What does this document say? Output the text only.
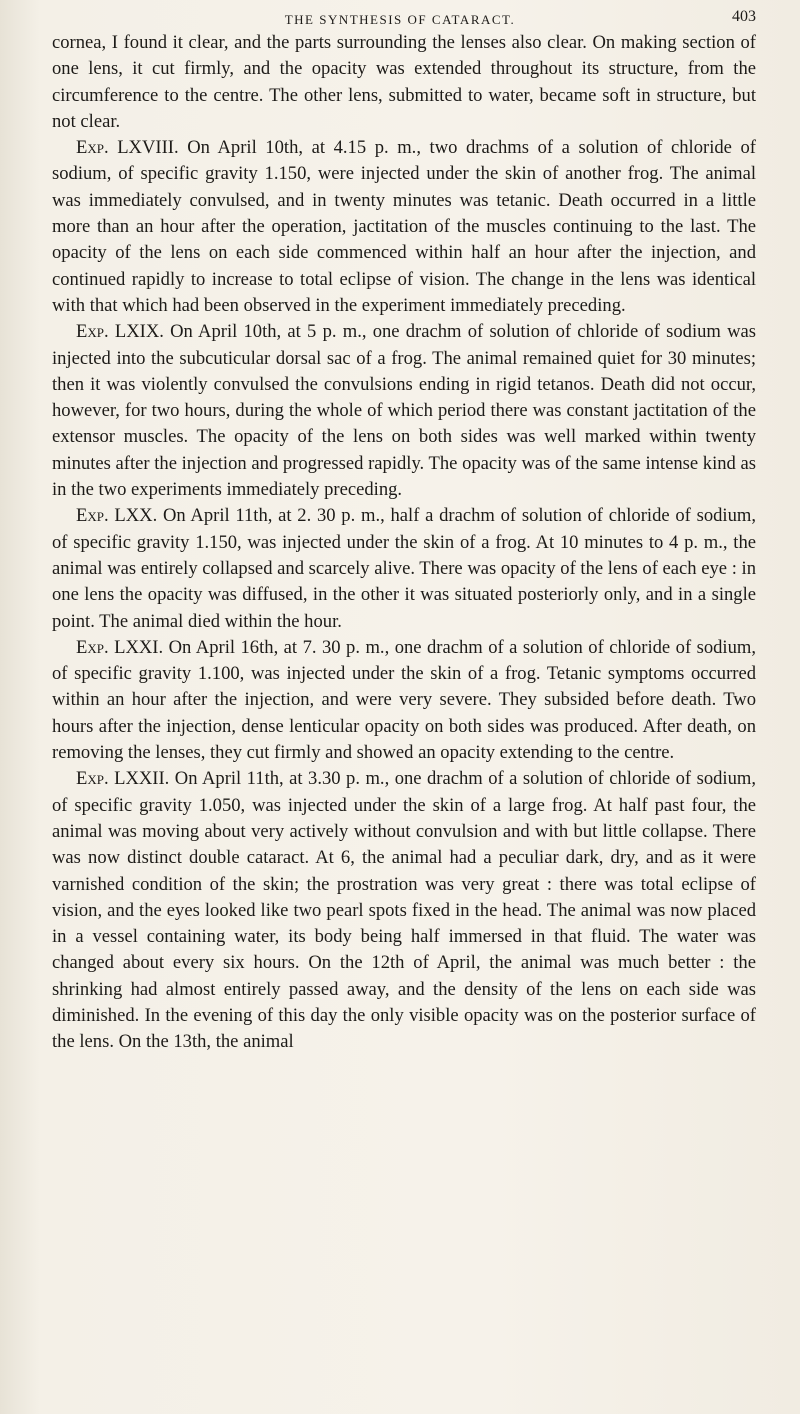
THE SYNTHESIS OF CATARACT.	403

cornea, I found it clear, and the parts surrounding the lenses also clear. On making section of one lens, it cut firmly, and the opacity was extended throughout its structure, from the circumference to the centre. The other lens, submitted to water, became soft in structure, but not clear.

Exp. LXVIII. On April 10th, at 4.15 p. m., two drachms of a solution of chloride of sodium, of specific gravity 1.150, were injected under the skin of another frog. The animal was immediately convulsed, and in twenty minutes was tetanic. Death occurred in a little more than an hour after the operation, jactitation of the muscles continuing to the last. The opacity of the lens on each side commenced within half an hour after the injection, and continued rapidly to increase to total eclipse of vision. The change in the lens was identical with that which had been observed in the experiment immediately preceding.

Exp. LXIX. On April 10th, at 5 p. m., one drachm of solution of chloride of sodium was injected into the subcuticular dorsal sac of a frog. The animal remained quiet for 30 minutes; then it was violently convulsed the convulsions ending in rigid tetanos. Death did not occur, however, for two hours, during the whole of which period there was constant jactitation of the extensor muscles. The opacity of the lens on both sides was well marked within twenty minutes after the injection and progressed rapidly. The opacity was of the same intense kind as in the two experiments immediately preceding.

Exp. LXX. On April 11th, at 2. 30 p. m., half a drachm of solution of chloride of sodium, of specific gravity 1.150, was injected under the skin of a frog. At 10 minutes to 4 p. m., the animal was entirely collapsed and scarcely alive. There was opacity of the lens of each eye : in one lens the opacity was diffused, in the other it was situated posteriorly only, and in a single point. The animal died within the hour.

Exp. LXXI. On April 16th, at 7. 30 p. m., one drachm of a solution of chloride of sodium, of specific gravity 1.100, was injected under the skin of a frog. Tetanic symptoms occurred within an hour after the injection, and were very severe. They subsided before death. Two hours after the injection, dense lenticular opacity on both sides was produced. After death, on removing the lenses, they cut firmly and showed an opacity extending to the centre.

Exp. LXXII. On April 11th, at 3.30 p. m., one drachm of a solution of chloride of sodium, of specific gravity 1.050, was injected under the skin of a large frog. At half past four, the animal was moving about very actively without convulsion and with but little collapse. There was now distinct double cataract. At 6, the animal had a peculiar dark, dry, and as it were varnished condition of the skin; the prostration was very great : there was total eclipse of vision, and the eyes looked like two pearl spots fixed in the head. The animal was now placed in a vessel containing water, its body being half immersed in that fluid. The water was changed about every six hours. On the 12th of April, the animal was much better : the shrinking had almost entirely passed away, and the density of the lens on each side was diminished. In the evening of this day the only visible opacity was on the posterior surface of the lens. On the 13th, the animal
